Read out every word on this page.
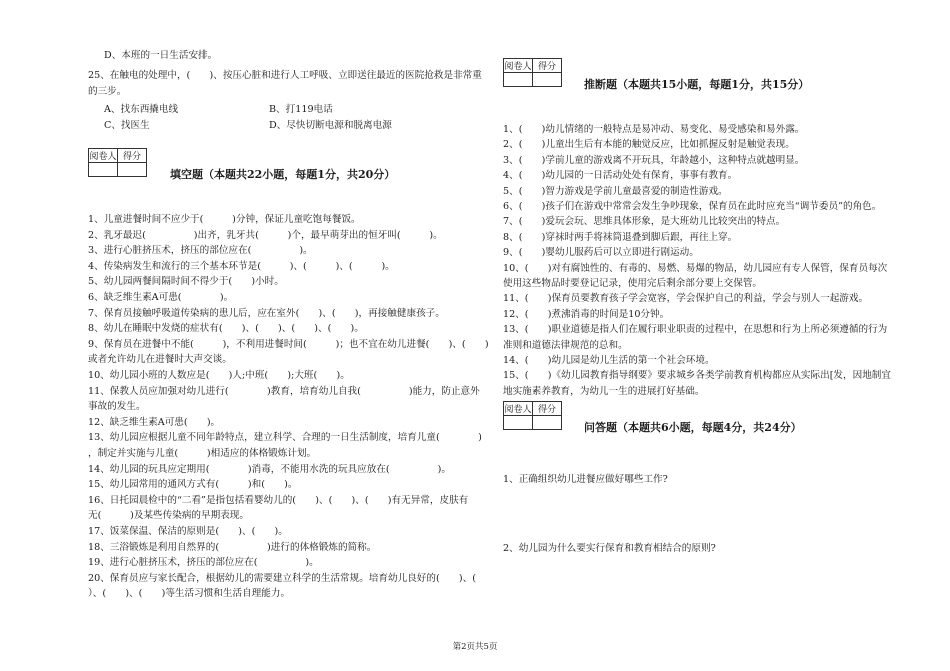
D、本班的一日生活安排。
25、在触电的处理中，(　　)、按压心脏和进行人工呼吸、立即送往最近的医院抢救是非常重
的三步。
A、找东西撬电线	B、打119电话
C、找医生	D、尽快切断电源和脱离电源
阅卷人	得分

填空题（本题共22小题，每题1分，共20分）
1、儿童进餐时间不应少于(　　　)分钟，保证儿童吃饱每餐饭。
2、乳牙最迟(　　　　　)出齐，乳牙共(　　　)个，最早萌芽出的恒牙叫(　　　)。
3、进行心脏挤压术，挤压的部位应在(　　　　　)。
4、传染病发生和流行的三个基本环节是(　　　)、(　　　)、(　　　)。
5、幼儿园两餐间隔时间不得少于(　　)小时。
6、缺乏维生素A可患(　　　　)。
7、保育员接触呼吸道传染病的患儿后，应在室外(　　)、(　　)，再接触健康孩子。
8、幼儿在睡眠中发烧的症状有(　　)、(　　)、(　　)、(　　)。
9、保育员在进餐中不能(　　　)，不利用进餐时间(　　　)；也不宜在幼儿进餐(　　)、(　　)
或者允许幼儿在进餐时大声交谈。
10、幼儿园小班的人数应是(　　)人;中班(　　);大班(　　)。
11、保教人员应加强对幼儿进行(　　　　)教育，培育幼儿自我(　　　　　)能力，防止意外
事故的发生。
12、缺乏维生素A可患(　　)。
13、幼儿园应根据儿童不同年龄特点，建立科学、合理的一日生活制度，培育儿童(　　　　)
，制定并实施与儿童(　　　)相适应的体格锻炼计划。
14、幼儿园的玩具应定期用(　　　　)消毒，不能用水洗的玩具应放在(　　　　　)。
15、幼儿园常用的通风方式有(　　　)和(　　)。
16、日托园晨检中的“二看”是指包括看婴幼儿的(　　)、(　　)、(　　)有无异常，皮肤有
无(　　　)及某些传染病的早期表现。
17、饭菜保温、保洁的原则是(　　)、(　　)。
18、三浴锻炼是利用自然界的(　　　　　)进行的体格锻炼的简称。
19、进行心脏挤压术，挤压的部位应在(　　　　　)。
20、保育员应与家长配合，根据幼儿的需要建立科学的生活常规。培育幼儿良好的(　　)、(　　
）、(　　)、(　　)等生活习惯和生活自理能力。
阅卷人	得分

推断题（本题共15小题，每题1分，共15分）
1、(　　)幼儿情绪的一般特点是易冲动、易变化、易受感染和易外露。
2、(　　)儿童出生后有本能的触觉反应，比如抓握反射是触觉表现。
3、(　　)学前儿童的游戏离不开玩具，年龄越小，这种特点就越明显。
4、(　　)幼儿园的一日活动处处有保育，事事有教育。
5、(　　)智力游戏是学前儿童最喜爱的制造性游戏。
6、(　　)孩子们在游戏中常常会发生争吵现象，保育员在此时应充当“调节委员”的角色。
7、(　　)爱玩会玩、思维具体形象，是大班幼儿比较突出的特点。
8、(　　)穿袜时两手将袜筒退叠到脚后跟，再往上穿。
9、(　　)婴幼儿服药后可以立即进行剧运动。
10、(　　)对有腐蚀性的、有毒的、易燃、易爆的物品，幼儿园应有专人保管，保育员每次
使用这些物品时要登记记录，使用完后剩余部分要上交保管。
11、(　　)保育员要教育孩子学会宽容，学会保护自己的利益，学会与别人一起游戏。
12、(　　)煮沸消毒的时间是10分钟。
13、(　　)职业道德是指人们在履行职业职责的过程中，在思想和行为上所必须遵循的行为
准则和道德法律规范的总和。
14、(　　)幼儿园是幼儿生活的第一个社会环境。
15、(　　)《幼儿园教育指导纲要》要求城乡各类学前教育机构都应从实际出[发，因地制宜
地实施素养教育，为幼儿一生的进展打好基础。
阅卷人	得分

问答题（本题共6小题，每题4分，共24分）
1、正确组织幼儿进餐应做好哪些工作?
2、幼儿园为什么要实行保育和教育相结合的原则?
第2页共5页
